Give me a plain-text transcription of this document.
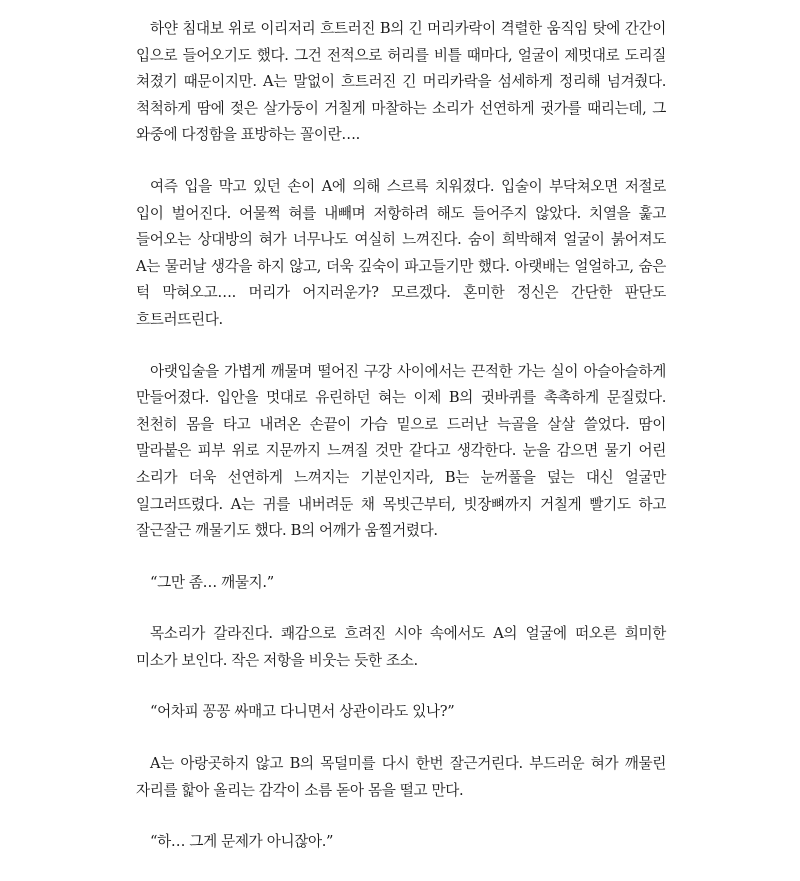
하얀 침대보 위로 이리저리 흐트러진 B의 긴 머리카락이 격렬한 움직임 탓에 간간이 입으로 들어오기도 했다. 그건 전적으로 허리를 비틀 때마다, 얼굴이 제멋대로 도리질 쳐졌기 때문이지만. A는 말없이 흐트러진 긴 머리카락을 섬세하게 정리해 넘겨줬다. 척척하게 땀에 젖은 살가둥이 거칠게 마찰하는 소리가 선연하게 귓가를 때리는데, 그 와중에 다정함을 표방하는 꼴이란….

여즉 입을 막고 있던 손이 A에 의해 스르륵 치워졌다. 입술이 부닥쳐오면 저절로 입이 벌어진다. 어물쩍 혀를 내빼며 저항하려 해도 들어주지 않았다. 치열을 훑고 들어오는 상대방의 혀가 너무나도 여실히 느껴진다. 숨이 희박해져 얼굴이 붉어져도 A는 물러날 생각을 하지 않고, 더욱 깊숙이 파고들기만 했다. 아랫배는 얼얼하고, 숨은 턱 막혀오고…. 머리가 어지러운가? 모르겠다. 혼미한 정신은 간단한 판단도 흐트러뜨린다.

아랫입술을 가볍게 깨물며 떨어진 구강 사이에서는 끈적한 가는 실이 아슬아슬하게 만들어졌다. 입안을 멋대로 유린하던 혀는 이제 B의 귓바퀴를 촉촉하게 문질렀다. 천천히 몸을 타고 내려온 손끝이 가슴 밑으로 드러난 늑골을 살살 쓸었다. 땀이 말라붙은 피부 위로 지문까지 느껴질 것만 같다고 생각한다. 눈을 감으면 물기 어린 소리가 더욱 선연하게 느껴지는 기분인지라, B는 눈꺼풀을 덮는 대신 얼굴만 일그러뜨렸다. A는 귀를 내버려둔 채 목빗근부터, 빗장뼈까지 거칠게 빨기도 하고 잘근잘근 깨물기도 했다. B의 어깨가 움찔거렸다.

“그만 좀… 깨물지.”

목소리가 갈라진다. 쾌감으로 흐려진 시야 속에서도 A의 얼굴에 떠오른 희미한 미소가 보인다. 작은 저항을 비웃는 듯한 조소.

“어차피 꽁꽁 싸매고 다니면서 상관이라도 있나?”

A는 아랑곳하지 않고 B의 목덜미를 다시 한번 잘근거린다. 부드러운 혀가 깨물린 자리를 핥아 올리는 감각이 소름 돋아 몸을 떨고 만다.

“하… 그게 문제가 아니잖아.”
